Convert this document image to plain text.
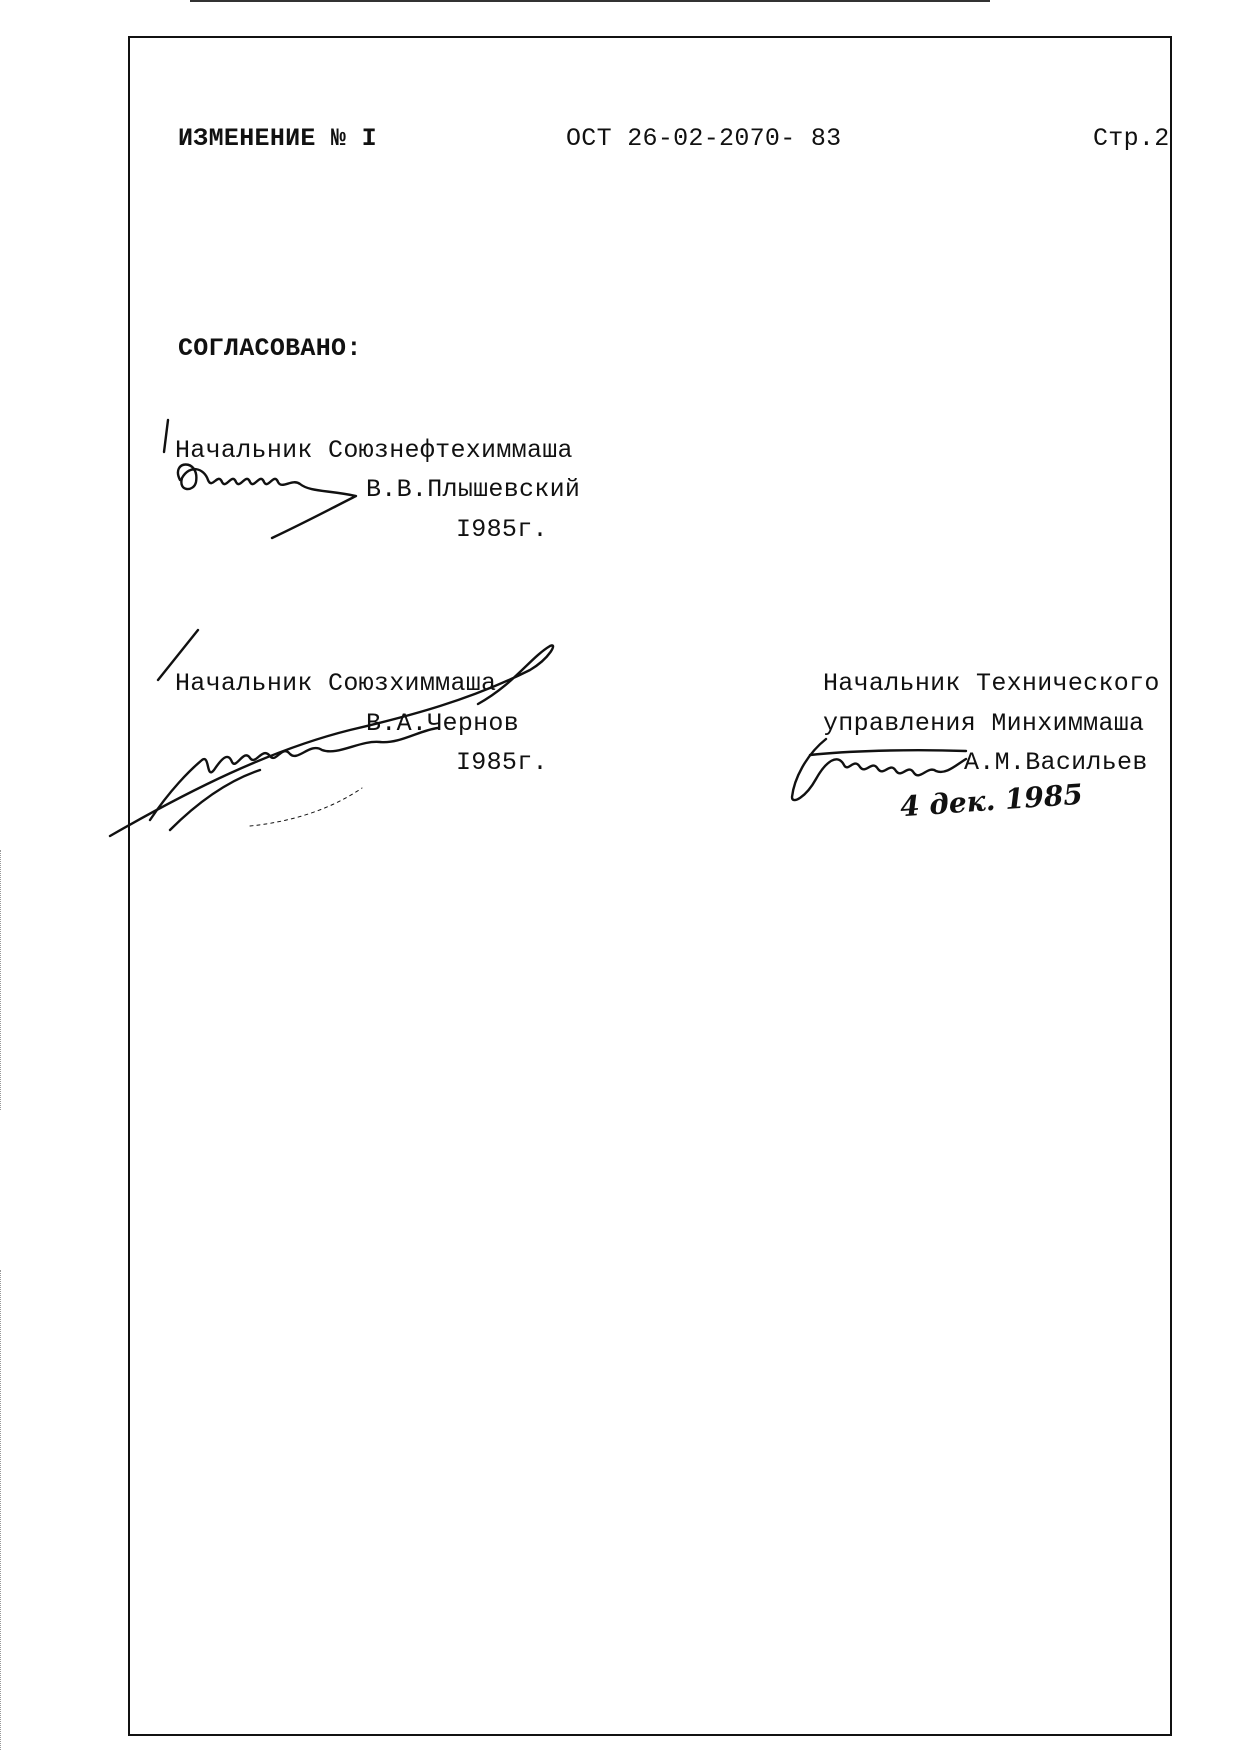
ИЗМЕНЕНИЕ № I	ОСТ 26-02-2070- 83	Стр.2
СОГЛАСОВАНО:
Начальник Союзнефтехиммаша
В.В.Плышевский
I985г.
Начальник Союзхиммаша
В.А.Чернов
I985г.
Начальник Технического
управления Минхиммаша
А.М.Васильев
4 дек. 1985
